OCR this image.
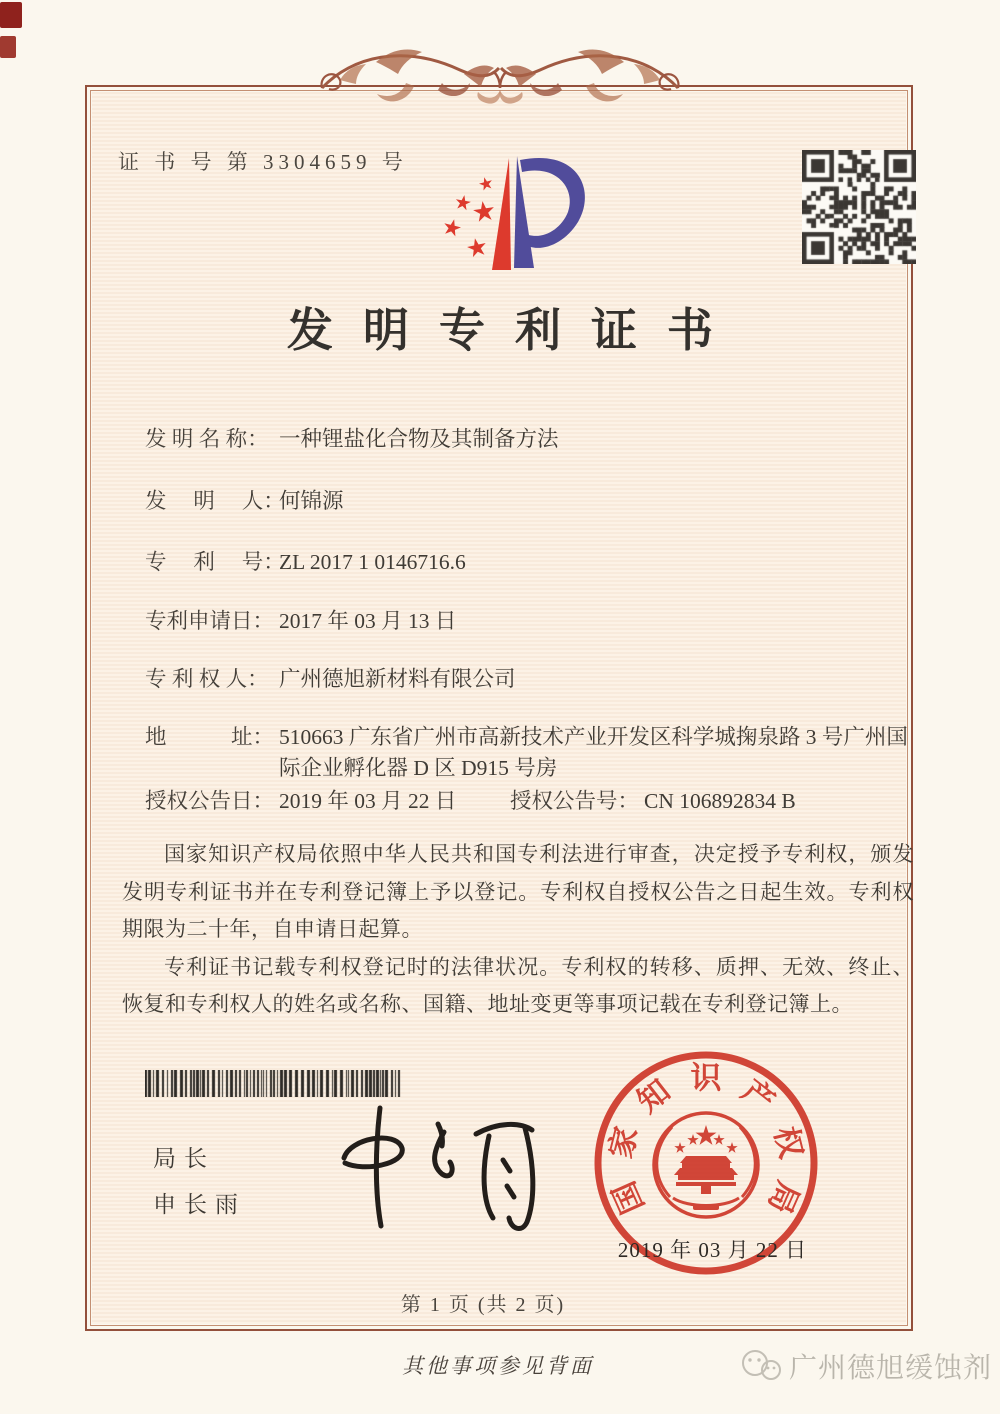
证 书 号 第 3304659 号
发明专利证书
发 明 名 称： 一种锂盐化合物及其制备方法
发　 明　 人：何锦源
专　 利　 号：ZL 2017 1 0146716.6
专利申请日： 2017 年 03 月 13 日
专 利 权 人： 广州德旭新材料有限公司
地　　　址： 510663 广东省广州市高新技术产业开发区科学城掬泉路 3 号广州国际企业孵化器 D 区 D915 号房
授权公告日： 2019 年 03 月 22 日 授权公告号： CN 106892834 B

国家知识产权局依照中华人民共和国专利法进行审查，决定授予专利权，颁发发明专利证书并在专利登记簿上予以登记。专利权自授权公告之日起生效。专利权期限为二十年，自申请日起算。

专利证书记载专利权登记时的法律状况。专利权的转移、质押、无效、终止、恢复和专利权人的姓名或名称、国籍、地址变更等事项记载在专利登记簿上。

局长
申长雨	国
家
知 识 产
权
局
2019 年 03 月 22 日
第 1 页 (共 2 页)
其他事项参见背面	广州德旭缓蚀剂
